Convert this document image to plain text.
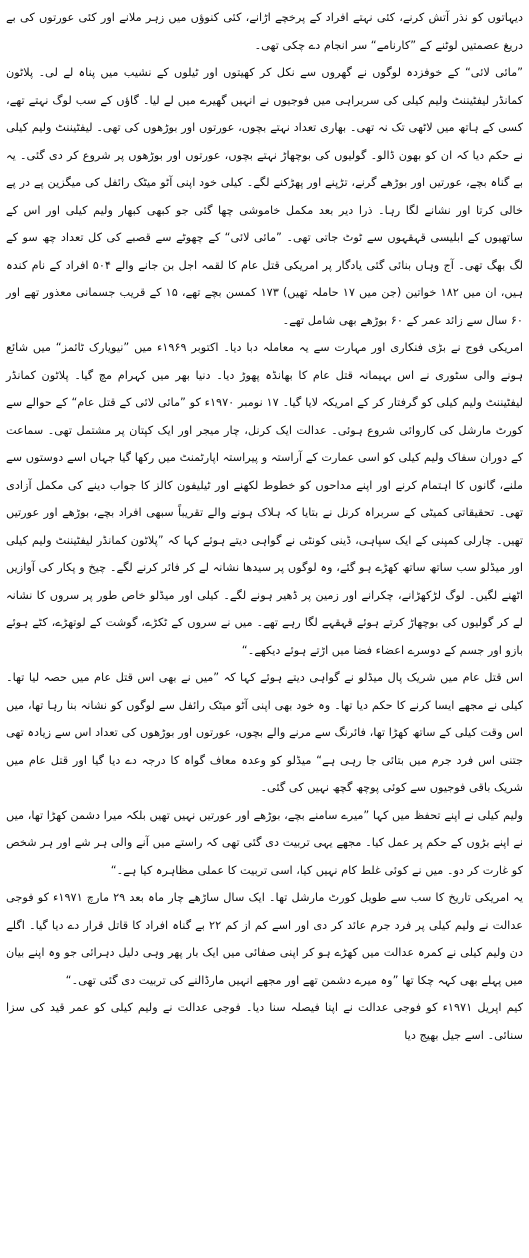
دیہاتوں کو نذر آتش کرنے، کئی نہتے افراد کے پرخچے اڑانے، کئی کنوؤں میں زہر ملانے اور کئی عورتوں کی بے دریغ عصمتیں لوٹنے کے ”کارنامے“ سر انجام دے چکی تھی۔

”مائی لائی“ کے خوفزدہ لوگوں نے گھروں سے نکل کر کھیتوں اور ٹیلوں کے نشیب میں پناہ لے لی۔ پلاٹون کمانڈر لیفٹیننٹ ولیم کیلی کی سربراہی میں فوجیوں نے انہیں گھیرے میں لے لیا۔ گاؤں کے سب لوگ نہتے تھے، کسی کے ہاتھ میں لاٹھی تک نہ تھی۔ بھاری تعداد نہتے بچوں، عورتوں اور بوڑھوں کی تھی۔ لیفٹیننٹ ولیم کیلی نے حکم دیا کہ ان کو بھون ڈالو۔ گولیوں کی بوچھاڑ نہتے بچوں، عورتوں اور بوڑھوں پر شروع کر دی گئی۔ یہ بے گناہ بچے، عورتیں اور بوڑھے گرنے، تڑپنے اور پھڑکنے لگے۔ کیلی خود اپنی آٹو میٹک رائفل کی میگزین پے در پے خالی کرتا اور نشانے لگا رہا۔ ذرا دیر بعد مکمل خاموشی چھا گئی جو کبھی کبھار ولیم کیلی اور اس کے ساتھیوں کے ابلیسی قہقہوں سے ٹوٹ جاتی تھی۔ ”مائی لائی“ کے چھوٹے سے قصبے کی کل تعداد چھ سو کے لگ بھگ تھی۔ آج وہاں بنائی گئی یادگار پر امریکی قتل عام کا لقمہ اجل بن جانے والے ۵۰۴ افراد کے نام کندہ ہیں، ان میں ۱۸۲ خواتین (جن میں ۱۷ حاملہ تھیں) ۱۷۳ کمسن بچے تھے، ۱۵ کے قریب جسمانی معذور تھے اور ۶۰ سال سے زائد عمر کے ۶۰ بوڑھے بھی شامل تھے۔

امریکی فوج نے بڑی فنکاری اور مہارت سے یہ معاملہ دبا دیا۔ اکتوبر ۱۹۶۹ء میں ”نیویارک ٹائمز“ میں شائع ہونے والی سٹوری نے اس بہیمانہ قتل عام کا بھانڈہ پھوڑ دیا۔ دنیا بھر میں کہرام مچ گیا۔ پلاٹون کمانڈر لیفٹیننٹ ولیم کیلی کو گرفتار کر کے امریکہ لایا گیا۔ ۱۷ نومبر ۱۹۷۰ء کو ”مائی لائی کے قتل عام“ کے حوالے سے کورٹ مارشل کی کاروائی شروع ہوئی۔ عدالت ایک کرنل، چار میجر اور ایک کپتان پر مشتمل تھی۔ سماعت کے دوران سفاک ولیم کیلی کو اسی عمارت کے آراستہ و پیراستہ اپارٹمنٹ میں رکھا گیا جہاں اسے دوستوں سے ملنے، گانوں کا اہتمام کرنے اور اپنے مداحوں کو خطوط لکھنے اور ٹیلیفون کالز کا جواب دینے کی مکمل آزادی تھی۔ تحقیقاتی کمیٹی کے سربراہ کرنل نے بتایا کہ ہلاک ہونے والے تقریباً سبھی افراد بچے، بوڑھے اور عورتیں تھیں۔ چارلی کمپنی کے ایک سپاہی، ڈینی کونٹی نے گواہی دیتے ہوئے کہا کہ ”پلاٹون کمانڈر لیفٹیننٹ ولیم کیلی اور میڈلو سب ساتھ ساتھ کھڑے ہو گئے، وہ لوگوں پر سیدھا نشانہ لے کر فائر کرنے لگے۔ چیخ و پکار کی آوازیں اٹھنے لگیں۔ لوگ لڑکھڑانے، چکرانے اور زمین پر ڈھیر ہونے لگے۔ کیلی اور میڈلو خاص طور پر سروں کا نشانہ لے کر گولیوں کی بوچھاڑ کرتے ہوئے قہقہے لگا رہے تھے۔ میں نے سروں کے ٹکڑے، گوشت کے لوتھڑے، کٹے ہوئے بازو اور جسم کے دوسرے اعضاء فضا میں اڑتے ہوئے دیکھے۔“

اس قتل عام میں شریک پال میڈلو نے گواہی دیتے ہوئے کہا کہ ”میں نے بھی اس قتل عام میں حصہ لیا تھا۔ کیلی نے مجھے ایسا کرنے کا حکم دیا تھا۔ وہ خود بھی اپنی آٹو میٹک رائفل سے لوگوں کو نشانہ بنا رہا تھا، میں اس وقت کیلی کے ساتھ کھڑا تھا، فائرنگ سے مرنے والے بچوں، عورتوں اور بوڑھوں کی تعداد اس سے زیادہ تھی جتنی اس فرد جرم میں بتائی جا رہی ہے“ میڈلو کو وعدہ معاف گواہ کا درجہ دے دیا گیا اور قتل عام میں شریک باقی فوجیوں سے کوئی پوچھ گچھ نہیں کی گئی۔

ولیم کیلی نے اپنے تحفظ میں کہا ”میرے سامنے بچے، بوڑھے اور عورتیں نہیں تھیں بلکہ میرا دشمن کھڑا تھا، میں نے اپنے بڑوں کے حکم پر عمل کیا۔ مجھے یہی تربیت دی گئی تھی کہ راستے میں آنے والی ہر شے اور ہر شخص کو غارت کر دو۔ میں نے کوئی غلط کام نہیں کیا، اسی تربیت کا عملی مظاہرہ کیا ہے۔“

یہ امریکی تاریخ کا سب سے طویل کورٹ مارشل تھا۔ ایک سال ساڑھے چار ماہ بعد ۲۹ مارچ ۱۹۷۱ء کو فوجی عدالت نے ولیم کیلی پر فرد جرم عائد کر دی اور اسے کم از کم ۲۲ بے گناہ افراد کا قاتل قرار دے دیا گیا۔ اگلے دن ولیم کیلی نے کمرہ عدالت میں کھڑے ہو کر اپنی صفائی میں ایک بار پھر وہی دلیل دہرائی جو وہ اپنے بیان میں پہلے بھی کہہ چکا تھا ”وہ میرے دشمن تھے اور مجھے انہیں مارڈالنے کی تربیت دی گئی تھی۔“

کیم اپریل ۱۹۷۱ء کو فوجی عدالت نے اپنا فیصلہ سنا دیا۔ فوجی عدالت نے ولیم کیلی کو عمر قید کی سزا سنائی۔ اسے جیل بھیج دیا
